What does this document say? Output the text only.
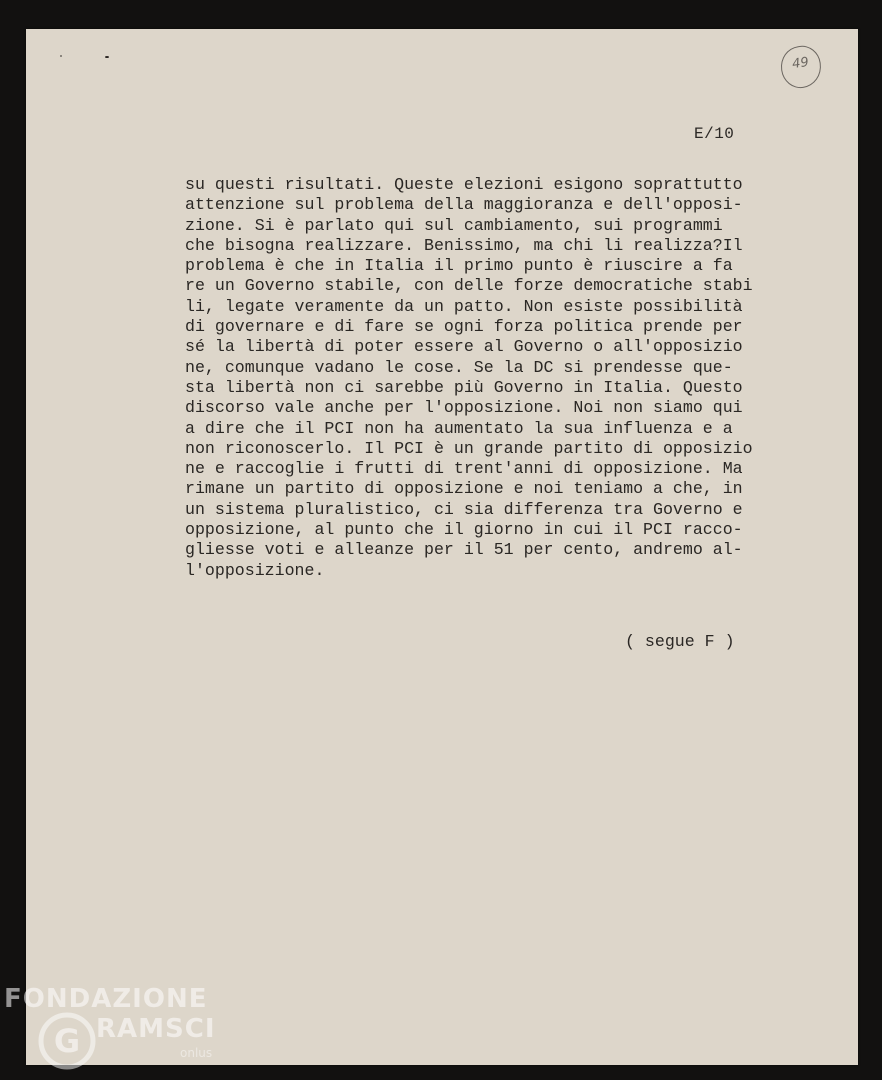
49
E/10
su questi risultati. Queste elezioni esigono soprattutto
attenzione sul problema della maggioranza e dell'opposi-
zione. Si è parlato qui sul cambiamento, sui programmi
che bisogna realizzare. Benissimo, ma chi li realizza?Il
problema è che in Italia il primo punto è riuscire a fa
re un Governo stabile, con delle forze democratiche stabi
li, legate veramente da un patto. Non esiste possibilità
di governare e di fare se ogni forza politica prende per
sé la libertà di poter essere al Governo o all'opposizio
ne, comunque vadano le cose. Se la DC si prendesse que-
sta libertà non ci sarebbe più Governo in Italia. Questo
discorso vale anche per l'opposizione. Noi non siamo qui
a dire che il PCI non ha aumentato la sua influenza e a
non riconoscerlo. Il PCI è un grande partito di opposizio
ne e raccoglie i frutti di trent'anni di opposizione. Ma
rimane un partito di opposizione e noi teniamo a che, in
un sistema pluralistico, ci sia differenza tra Governo e
opposizione, al punto che il giorno in cui il PCI racco-
gliesse voti e alleanze per il 51 per cento, andremo al-
l'opposizione.
( segue F )
FONDAZIONE
G RAMSCI
onlus
